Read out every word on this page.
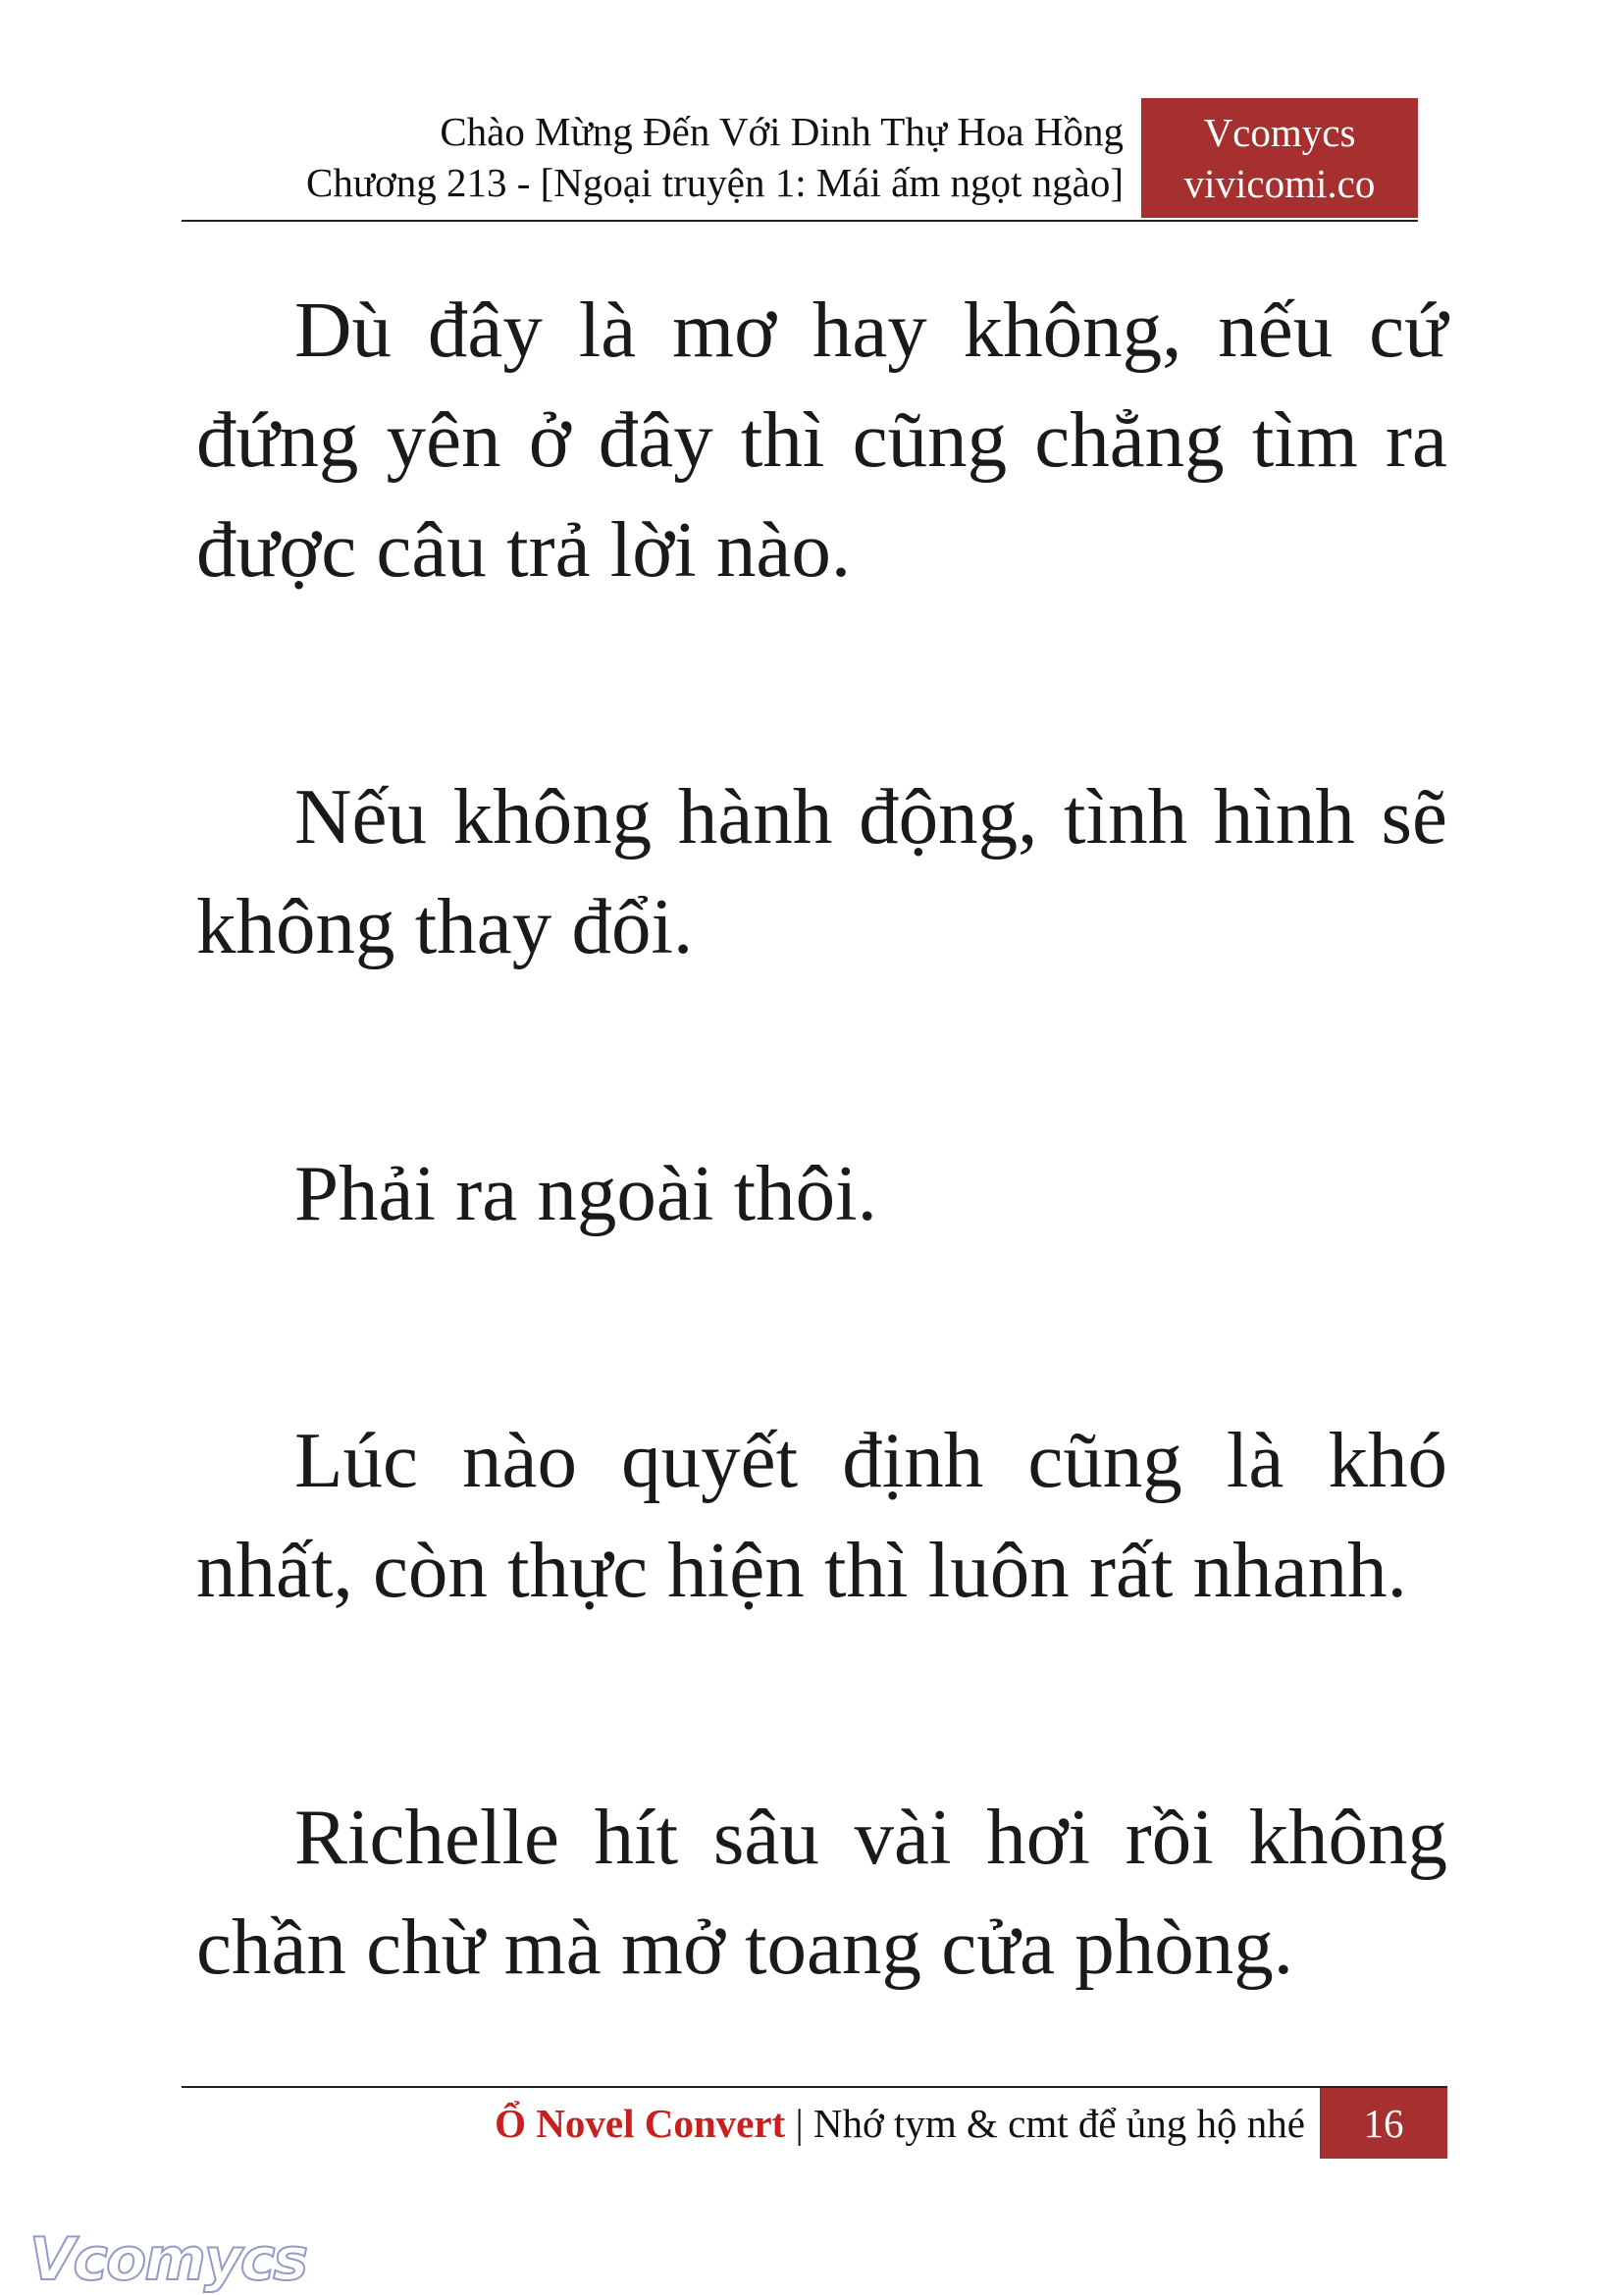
Chào Mừng Đến Với Dinh Thự Hoa Hồng
Chương 213 - [Ngoại truyện 1: Mái ấm ngọt ngào]
Vcomycs
vivicomi.co

Dù đây là mơ hay không, nếu cứ đứng yên ở đây thì cũng chẳng tìm ra được câu trả lời nào.

Nếu không hành động, tình hình sẽ không thay đổi.

Phải ra ngoài thôi.

Lúc nào quyết định cũng là khó nhất, còn thực hiện thì luôn rất nhanh.

Richelle hít sâu vài hơi rồi không chần chừ mà mở toang cửa phòng.

Ổ Novel Convert | Nhớ tym & cmt để ủng hộ nhé	16
Vcomycs
